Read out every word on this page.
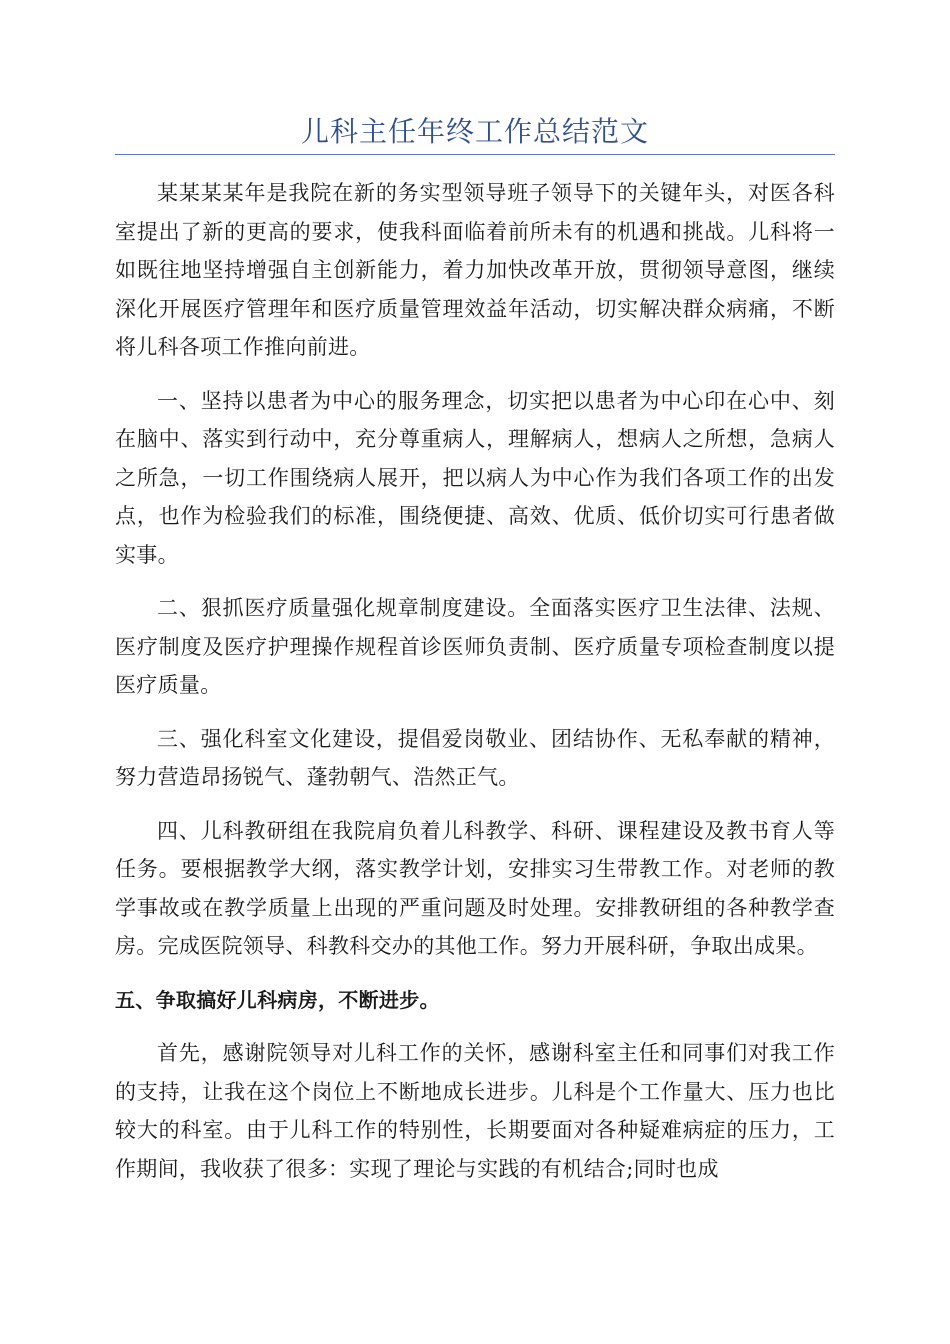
儿科主任年终工作总结范文

某某某某年是我院在新的务实型领导班子领导下的关键年头，对医各科室提出了新的更高的要求，使我科面临着前所未有的机遇和挑战。儿科将一如既往地坚持增强自主创新能力，着力加快改革开放，贯彻领导意图，继续深化开展医疗管理年和医疗质量管理效益年活动，切实解决群众病痛，不断将儿科各项工作推向前进。

一、坚持以患者为中心的服务理念，切实把以患者为中心印在心中、刻在脑中、落实到行动中，充分尊重病人，理解病人，想病人之所想，急病人之所急，一切工作围绕病人展开，把以病人为中心作为我们各项工作的出发点，也作为检验我们的标准，围绕便捷、高效、优质、低价切实可行患者做实事。

二、狠抓医疗质量强化规章制度建设。全面落实医疗卫生法律、法规、医疗制度及医疗护理操作规程首诊医师负责制、医疗质量专项检查制度以提医疗质量。

三、强化科室文化建设，提倡爱岗敬业、团结协作、无私奉献的精神，努力营造昂扬锐气、蓬勃朝气、浩然正气。

四、儿科教研组在我院肩负着儿科教学、科研、课程建设及教书育人等任务。要根据教学大纲，落实教学计划，安排实习生带教工作。对老师的教学事故或在教学质量上出现的严重问题及时处理。安排教研组的各种教学查房。完成医院领导、科教科交办的其他工作。努力开展科研，争取出成果。

五、争取搞好儿科病房，不断进步。

首先，感谢院领导对儿科工作的关怀，感谢科室主任和同事们对我工作的支持，让我在这个岗位上不断地成长进步。儿科是个工作量大、压力也比较大的科室。由于儿科工作的特别性，长期要面对各种疑难病症的压力，工作期间，我收获了很多：实现了理论与实践的有机结合;同时也成
